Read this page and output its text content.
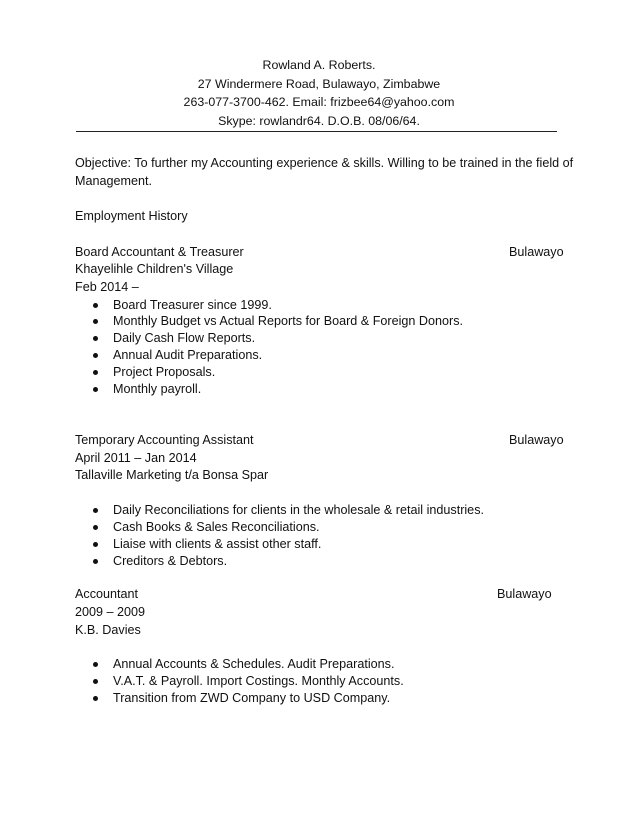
Rowland A. Roberts.
27 Windermere Road, Bulawayo, Zimbabwe
263-077-3700-462. Email: frizbee64@yahoo.com
Skype: rowlandr64. D.O.B. 08/06/64.
Objective: To further my Accounting experience & skills. Willing to be trained in the field of Management.
Employment History
Board Accountant & Treasurer	Bulawayo
Khayelihle Children's Village
Feb 2014 –
Board Treasurer since 1999.
Monthly Budget vs Actual Reports for Board & Foreign Donors.
Daily Cash Flow Reports.
Annual Audit Preparations.
Project Proposals.
Monthly payroll.
Temporary Accounting Assistant	Bulawayo
April 2011 – Jan 2014
Tallaville Marketing t/a Bonsa Spar
Daily Reconciliations for clients in the wholesale & retail industries.
Cash Books & Sales Reconciliations.
Liaise with clients & assist other staff.
Creditors & Debtors.
Accountant	Bulawayo
2009 – 2009
K.B. Davies
Annual Accounts & Schedules. Audit Preparations.
V.A.T. & Payroll. Import Costings. Monthly Accounts.
Transition from ZWD Company to USD Company.
